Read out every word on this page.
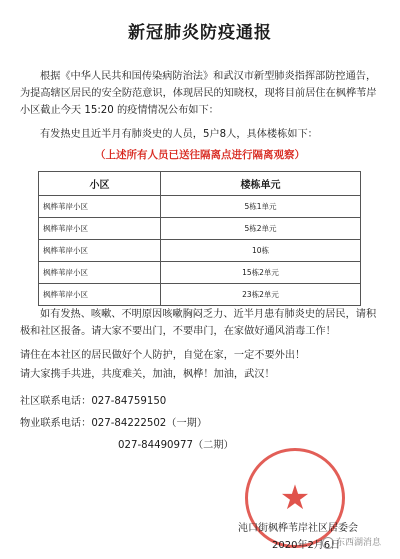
新冠肺炎防疫通报

根据《中华人民共和国传染病防治法》和武汉市新型肺炎指挥部防控通告，为提高辖区居民的安全防范意识，体现居民的知晓权，现将目前居住在枫桦苇岸小区截止今天 15:20 的疫情情况公布如下：

有发热史且近半月有肺炎史的人员，5户8人，具体楼栋如下：

（上述所有人员已送往隔离点进行隔离观察）
小区	楼栋单元
枫桦苇岸小区	5栋1单元
枫桦苇岸小区	5栋2单元
枫桦苇岸小区	10栋
枫桦苇岸小区	15栋2单元
枫桦苇岸小区	23栋2单元

如有发热、咳嗽、不明原因咳嗽胸闷乏力、近半月患有肺炎史的居民，请积极和社区报备。请大家不要出门，不要串门，在家做好通风消毒工作！

请住在本社区的居民做好个人防护，自觉在家，一定不要外出！

请大家携手共进，共度难关，加油，枫桦！加油，武汉！

社区联系电话：027-84759150

物业联系电话：027-84222502（一期）

027-84490977（二期）

★
沌口街枫桦苇岸社区居委会
2020年2月6日
东西湖消息
